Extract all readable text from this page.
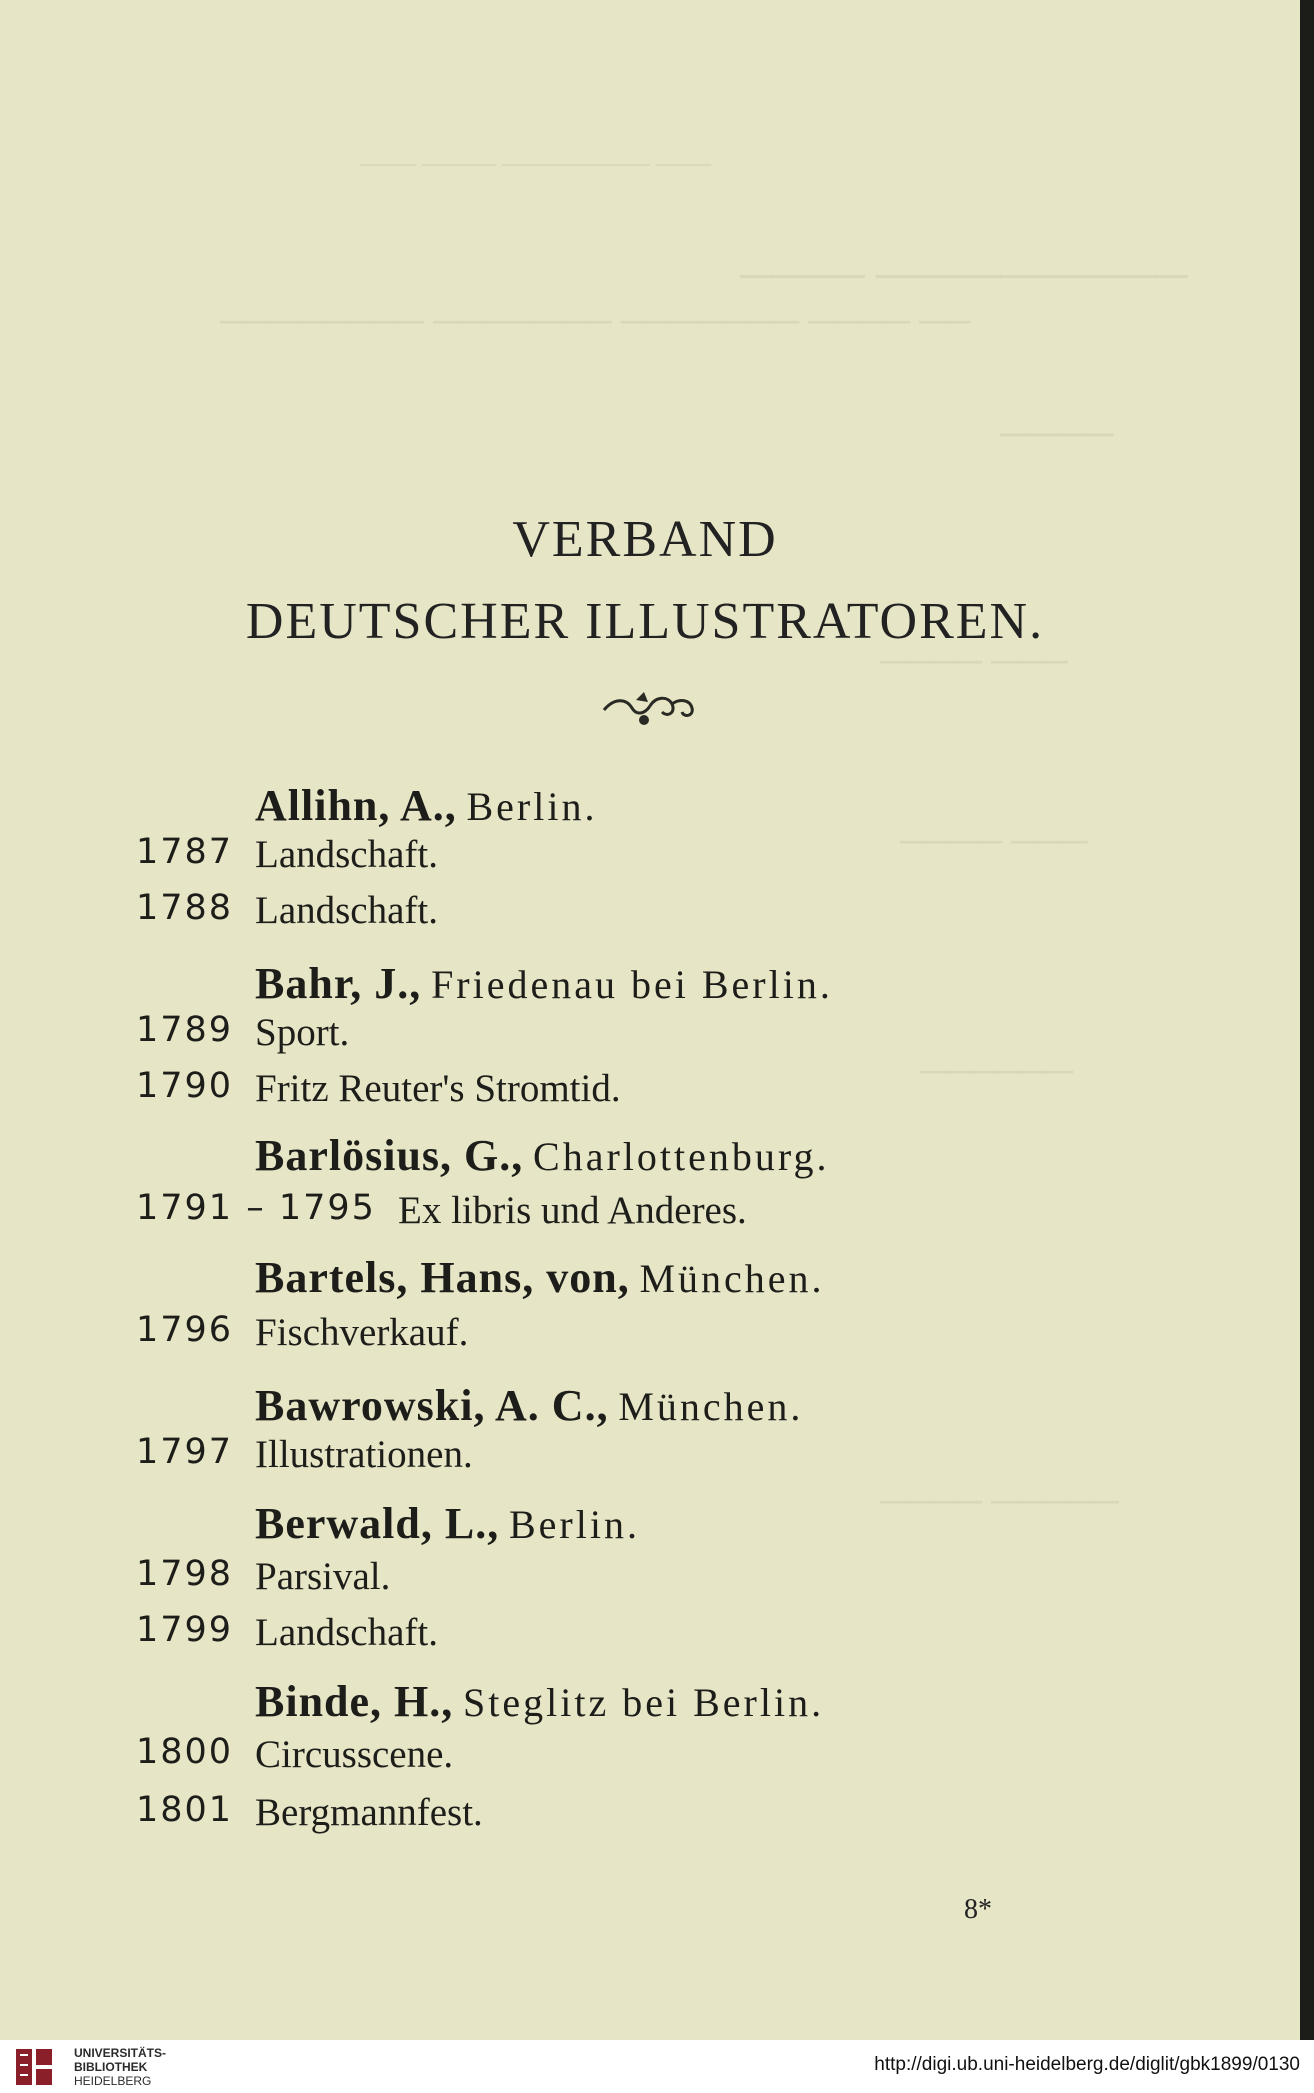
─── ──── ──────── ───
──── ──────────
──────── ─────── ─────── ──── ──
────
──── ───
──── ───
──────
──── ─────
VERBAND
DEUTSCHER ILLUSTRATOREN.
Allihn, A., Berlin.
1787 Landschaft.
1788 Landschaft.
Bahr, J., Friedenau bei Berlin.
1789 Sport.
1790 Fritz Reuter's Stromtid.
Barlösius, G., Charlottenburg.
1791 – 1795 Ex libris und Anderes.
Bartels, Hans, von, München.
1796 Fischverkauf.
Bawrowski, A. C., München.
1797 Illustrationen.
Berwald, L., Berlin.
1798 Parsival.
1799 Landschaft.
Binde, H., Steglitz bei Berlin.
1800 Circusscene.
1801 Bergmannfest.
8*
UNIVERSITÄTS-
BIBLIOTHEK
HEIDELBERG
http://digi.ub.uni-heidelberg.de/diglit/gbk1899/0130
